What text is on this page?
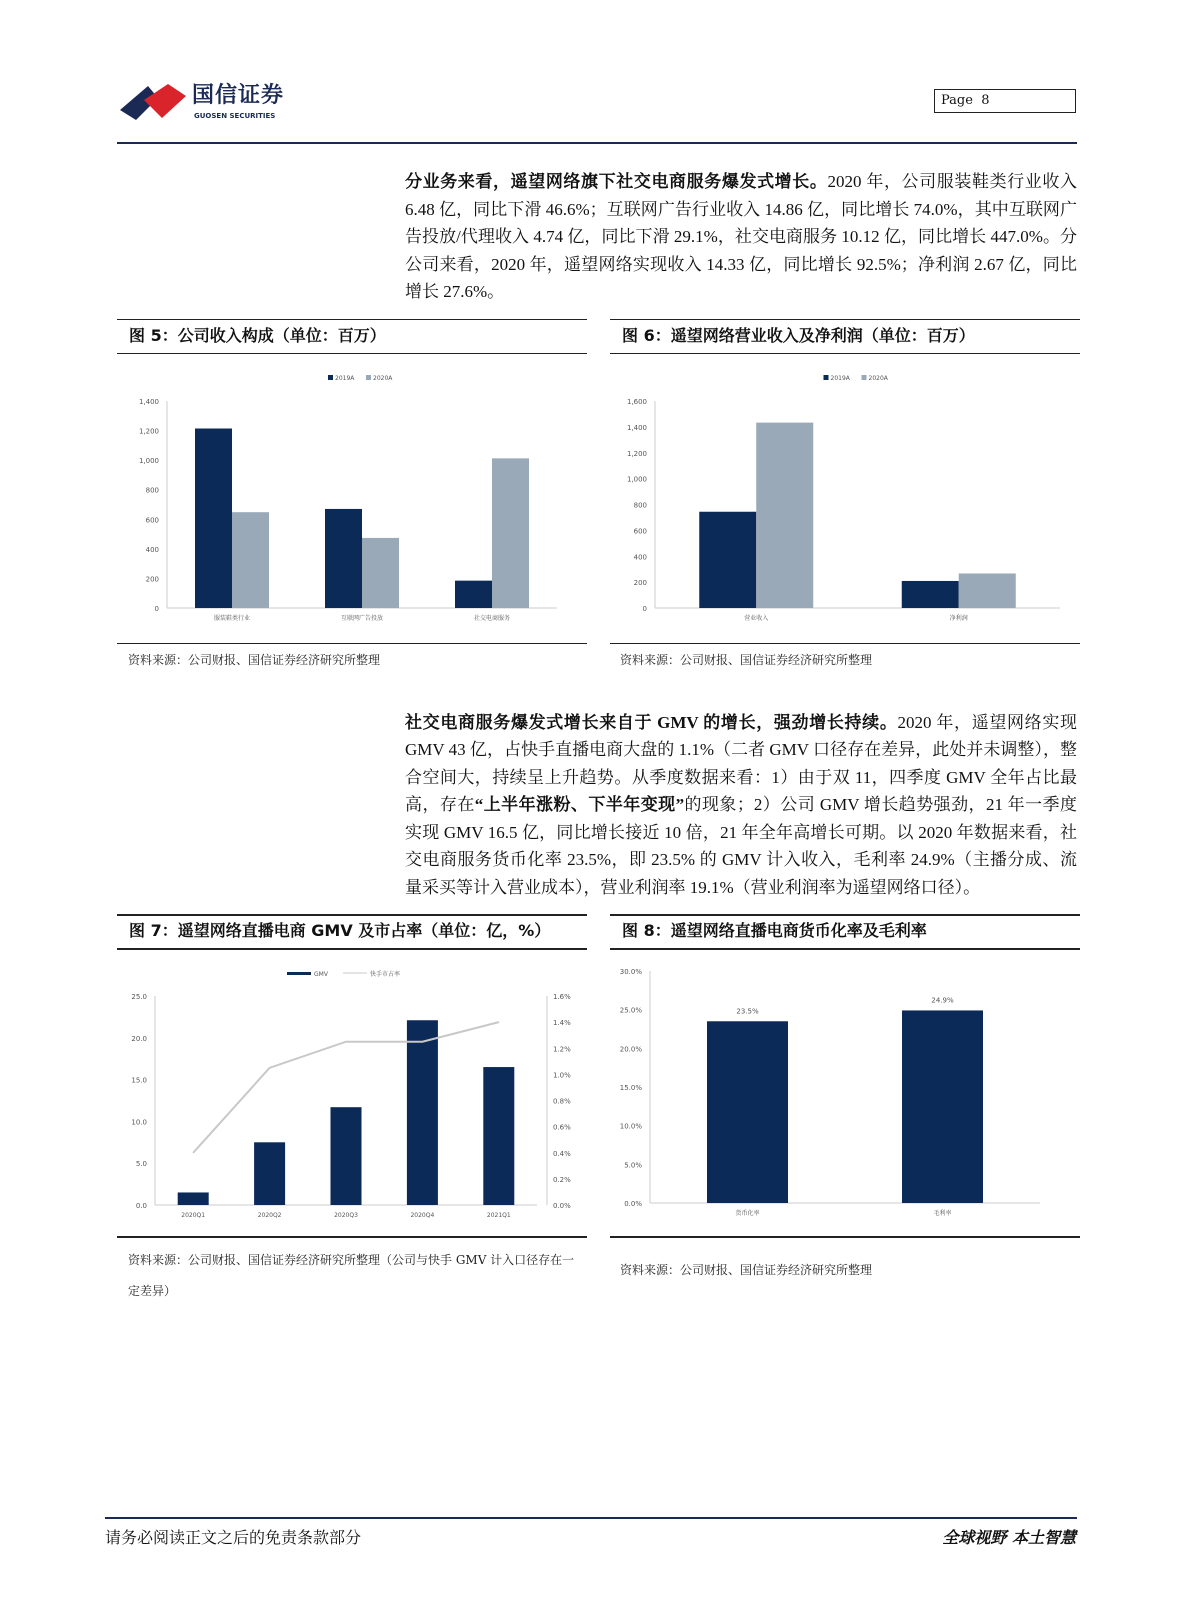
国信证券
GUOSEN SECURITIES
Page 8
分业务来看，遥望网络旗下社交电商服务爆发式增长。2020 年，公司服装鞋类行业收入 6.48 亿，同比下滑 46.6%；互联网广告行业收入 14.86 亿，同比增长 74.0%，其中互联网广告投放/代理收入 4.74 亿，同比下滑 29.1%，社交电商服务 10.12 亿，同比增长 447.0%。分公司来看，2020 年，遥望网络实现收入 14.33 亿，同比增长 92.5%；净利润 2.67 亿，同比增长 27.6%。
图 5：公司收入构成（单位：百万）	图 6：遥望网络营业收入及净利润（单位：百万）
0
200
400
600
800
1,000
1,200
1,400
服装鞋类行业	互联网广告投放	社交电商服务
2019A	2020A
0
200
400
600
800
1,000
1,200
1,400
1,600
营业收入	净利润
2019A	2020A
资料来源：公司财报、国信证券经济研究所整理	资料来源：公司财报、国信证券经济研究所整理
社交电商服务爆发式增长来自于 GMV 的增长，强劲增长持续。2020 年，遥望网络实现 GMV 43 亿，占快手直播电商大盘的 1.1%（二者 GMV 口径存在差异，此处并未调整），整合空间大，持续呈上升趋势。从季度数据来看：1）由于双 11，四季度 GMV 全年占比最高，存在“上半年涨粉、下半年变现”的现象；2）公司 GMV 增长趋势强劲，21 年一季度实现 GMV 16.5 亿，同比增长接近 10 倍，21 年全年高增长可期。以 2020 年数据来看，社交电商服务货币化率 23.5%，即 23.5% 的 GMV 计入收入，毛利率 24.9%（主播分成、流量采买等计入营业成本），营业利润率 19.1%（营业利润率为遥望网络口径）。
图 7：遥望网络直播电商 GMV 及市占率（单位：亿，%）	图 8：遥望网络直播电商货币化率及毛利率
0.0
5.0
10.0
15.0
20.0
25.0
2020Q1	2020Q2	2020Q3	2020Q4	2021Q1
0.0%
0.2%
0.4%
0.6%
0.8%
1.0%
1.2%
1.4%
1.6%
GMV	快手市占率
0.0%
5.0%
10.0%
15.0%
20.0%
25.0%
30.0%
货币化率
23.5%
毛利率
24.9%
资料来源：公司财报、国信证券经济研究所整理（公司与快手 GMV 计入口径存在一定差异）
资料来源：公司财报、国信证券经济研究所整理
请务必阅读正文之后的免责条款部分	全球视野 本土智慧
